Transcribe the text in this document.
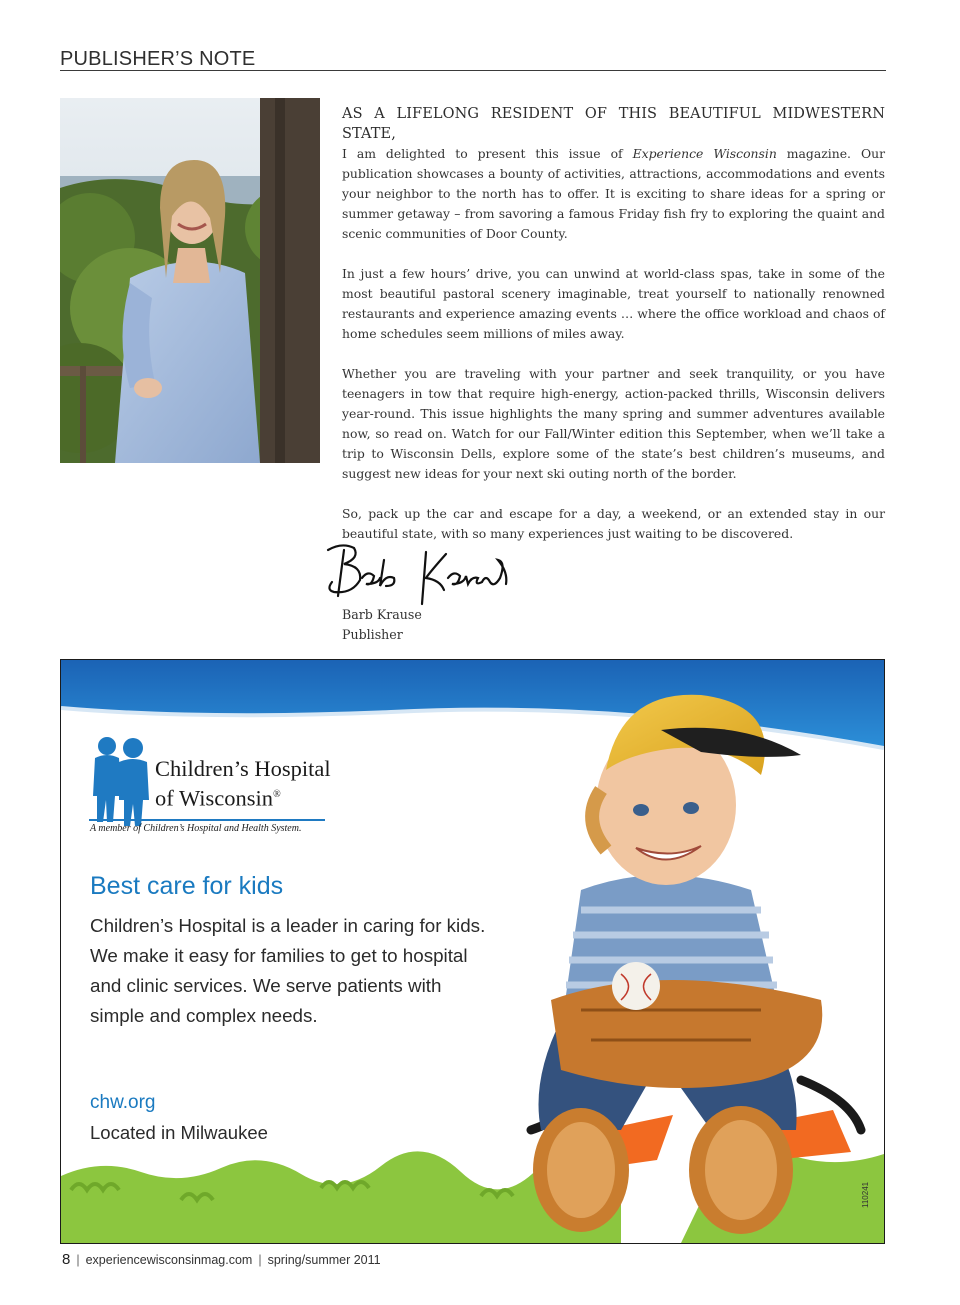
PUBLISHER’S NOTE

AS A LIFELONG RESIDENT OF THIS BEAUTIFUL MIDWESTERN STATE,
I am delighted to present this issue of Experience Wisconsin magazine. Our publication showcases a bounty of activities, attractions, accommodations and events your neighbor to the north has to offer. It is exciting to share ideas for a spring or summer getaway – from savoring a famous Friday fish fry to exploring the quaint and scenic communities of Door County.

In just a few hours’ drive, you can unwind at world-class spas, take in some of the most beautiful pastoral scenery imaginable, treat yourself to nationally renowned restaurants and experience amazing events … where the office workload and chaos of home schedules seem millions of miles away.

Whether you are traveling with your partner and seek tranquility, or you have teenagers in tow that require high-energy, action-packed thrills, Wisconsin delivers year-round. This issue highlights the many spring and summer adventures available now, so read on. Watch for our Fall/Winter edition this September, when we’ll take a trip to Wisconsin Dells, explore some of the state’s best children’s museums, and suggest new ideas for your next ski outing north of the border.

So, pack up the car and escape for a day, a weekend, or an extended stay in our beautiful state, with so many experiences just waiting to be discovered.

Barb Krause
Publisher
Children’s Hospital
of Wisconsin®
A member of Children’s Hospital and Health System.
Best care for kids
Children’s Hospital is a leader in caring for kids. We make it easy for families to get to hospital and clinic services. We serve patients with simple and complex needs.
chw.org
Located in Milwaukee
110241
8 | experiencewisconsinmag.com | spring/summer 2011
